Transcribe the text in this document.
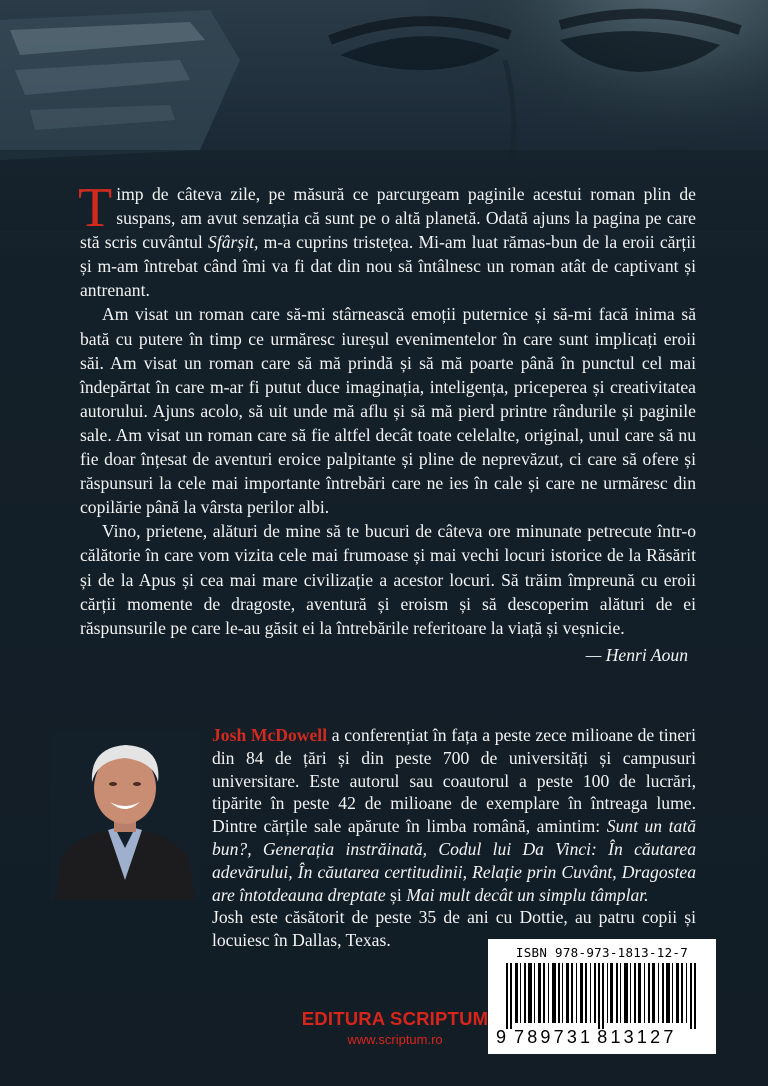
Timp de câteva zile, pe măsură ce parcurgeam paginile acestui roman plin de suspans, am avut senzația că sunt pe o altă planetă. Odată ajuns la pagina pe care stă scris cuvântul Sfârșit, m-a cuprins tristețea. Mi-am luat rămas-bun de la eroii cărții și m-am întrebat când îmi va fi dat din nou să întâlnesc un roman atât de captivant și antrenant.

Am visat un roman care să-mi stârnească emoții puternice și să-mi facă inima să bată cu putere în timp ce urmăresc iureșul evenimentelor în care sunt implicați eroii săi. Am visat un roman care să mă prindă și să mă poarte până în punctul cel mai îndepărtat în care m-ar fi putut duce imaginația, inteligența, priceperea și creativitatea autorului. Ajuns acolo, să uit unde mă aflu și să mă pierd printre rândurile și paginile sale. Am visat un roman care să fie altfel decât toate celelalte, original, unul care să nu fie doar înțesat de aventuri eroice palpitante și pline de neprevăzut, ci care să ofere și răspunsuri la cele mai importante întrebări care ne ies în cale și care ne urmăresc din copilărie până la vârsta perilor albi.

Vino, prietene, alături de mine să te bucuri de câteva ore minunate petrecute într-o călătorie în care vom vizita cele mai frumoase și mai vechi locuri istorice de la Răsărit și de la Apus și cea mai mare civilizație a acestor locuri. Să trăim împreună cu eroii cărții momente de dragoste, aventură și eroism și să descoperim alături de ei răspunsurile pe care le-au găsit ei la întrebările referitoare la viață și veșnicie.

— Henri Aoun

Josh McDowell a conferențiat în fața a peste zece milioane de tineri din 84 de țări și din peste 700 de universități și campusuri universitare. Este autorul sau coautorul a peste 100 de lucrări, tipărite în peste 42 de milioane de exemplare în întreaga lume. Dintre cărțile sale apărute în limba română, amintim: Sunt un tată bun?, Generația instrăinată, Codul lui Da Vinci: În căutarea adevărului, În căutarea certitudinii, Relație prin Cuvânt, Dragostea are întotdeauna dreptate și Mai mult decât un simplu tâmplar.

Josh este căsătorit de peste 35 de ani cu Dottie, au patru copii și locuiesc în Dallas, Texas.

EDITURA SCRIPTUM
www.scriptum.ro
ISBN 978-973-1813-12-7
9 789731 813127
